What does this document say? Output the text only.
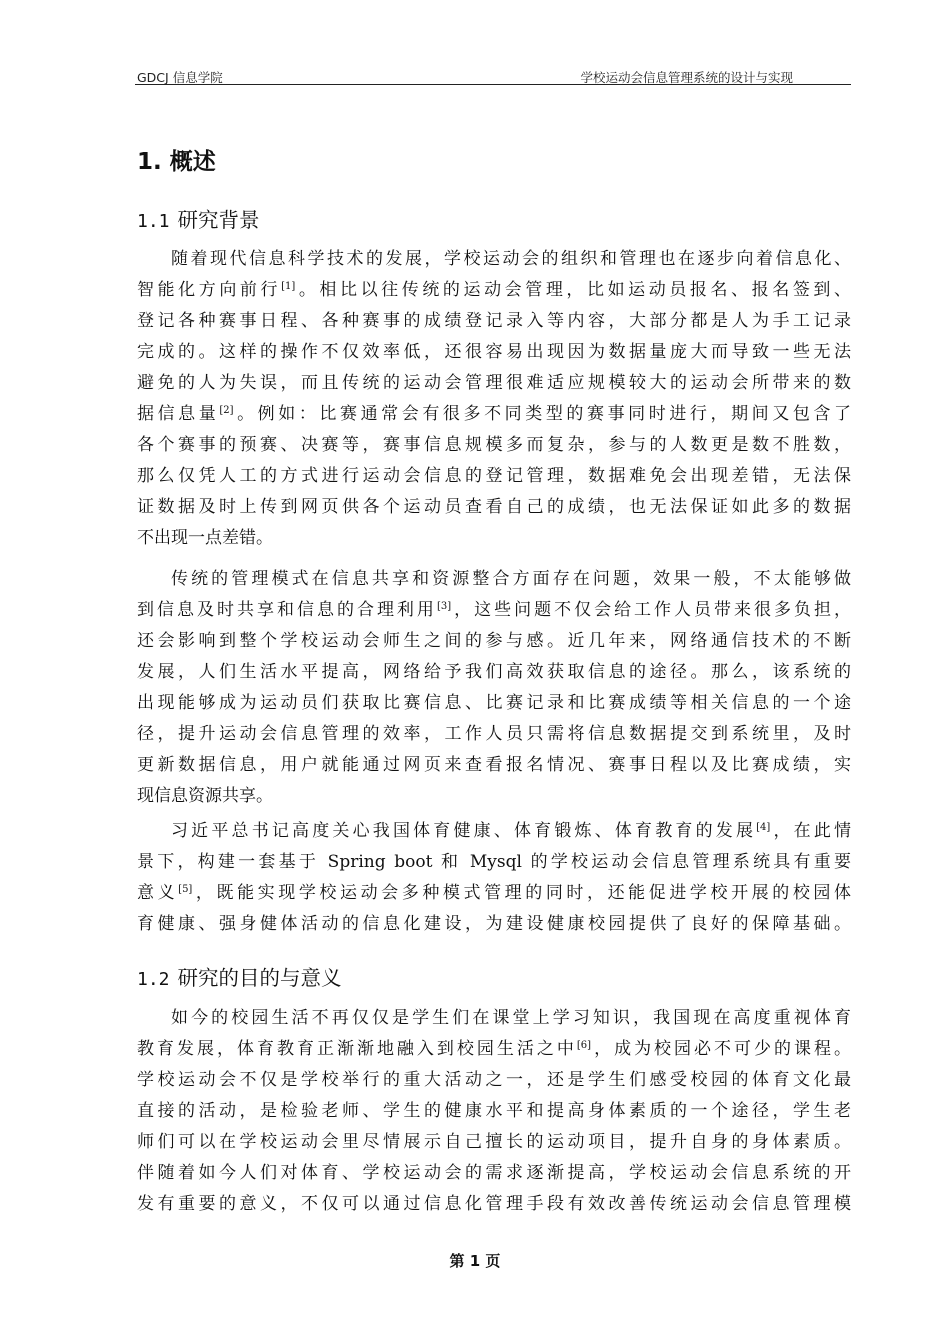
GDCJ 信息学院	学校运动会信息管理系统的设计与实现
1. 概述
1.1 研究背景
1.2 研究的目的与意义
随着现代信息科学技术的发展，学校运动会的组织和管理也在逐步向着信息化、
智能化方向前行[1]。相比以往传统的运动会管理，比如运动员报名、报名签到、
登记各种赛事日程、各种赛事的成绩登记录入等内容，大部分都是人为手工记录
完成的。这样的操作不仅效率低，还很容易出现因为数据量庞大而导致一些无法
避免的人为失误，而且传统的运动会管理很难适应规模较大的运动会所带来的数
据信息量[2]。例如：比赛通常会有很多不同类型的赛事同时进行，期间又包含了
各个赛事的预赛、决赛等，赛事信息规模多而复杂，参与的人数更是数不胜数，
那么仅凭人工的方式进行运动会信息的登记管理，数据难免会出现差错，无法保
证数据及时上传到网页供各个运动员查看自己的成绩，也无法保证如此多的数据
不出现一点差错。
传统的管理模式在信息共享和资源整合方面存在问题，效果一般，不太能够做
到信息及时共享和信息的合理利用[3]，这些问题不仅会给工作人员带来很多负担，
还会影响到整个学校运动会师生之间的参与感。近几年来，网络通信技术的不断
发展，人们生活水平提高，网络给予我们高效获取信息的途径。那么，该系统的
出现能够成为运动员们获取比赛信息、比赛记录和比赛成绩等相关信息的一个途
径，提升运动会信息管理的效率，工作人员只需将信息数据提交到系统里，及时
更新数据信息，用户就能通过网页来查看报名情况、赛事日程以及比赛成绩，实
现信息资源共享。
习近平总书记高度关心我国体育健康、体育锻炼、体育教育的发展[4]，在此情
景下，构建一套基于 Spring boot 和 Mysql 的学校运动会信息管理系统具有重要
意义[5]，既能实现学校运动会多种模式管理的同时，还能促进学校开展的校园体
育健康、强身健体活动的信息化建设，为建设健康校园提供了良好的保障基础。
如今的校园生活不再仅仅是学生们在课堂上学习知识，我国现在高度重视体育
教育发展，体育教育正渐渐地融入到校园生活之中[6]，成为校园必不可少的课程。
学校运动会不仅是学校举行的重大活动之一，还是学生们感受校园的体育文化最
直接的活动，是检验老师、学生的健康水平和提高身体素质的一个途径，学生老
师们可以在学校运动会里尽情展示自己擅长的运动项目，提升自身的身体素质。
伴随着如今人们对体育、学校运动会的需求逐渐提高，学校运动会信息系统的开
发有重要的意义，不仅可以通过信息化管理手段有效改善传统运动会信息管理模
第 1 页
